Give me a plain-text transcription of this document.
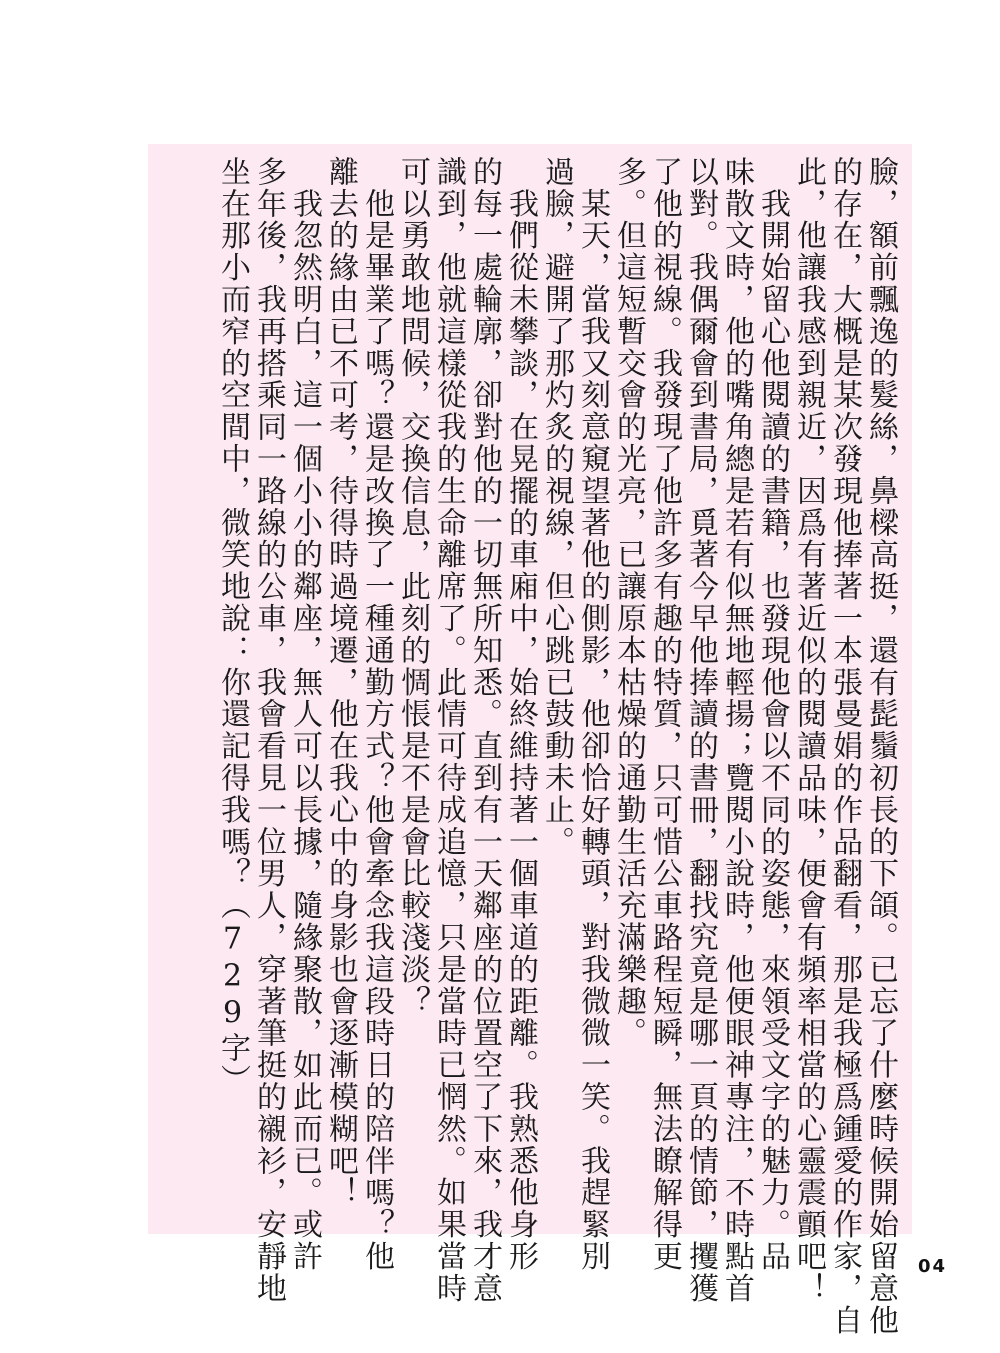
臉，額前飄逸的髮絲，鼻樑高挺，還有髭鬚初長的下頜。已忘了什麼時候開始留意他
的存在，大概是某次發現他捧著一本張曼娟的作品翻看，那是我極爲鍾愛的作家，自
此，他讓我感到親近，因爲有著近似的閱讀品味，便會有頻率相當的心靈震顫吧！
　我開始留心他閱讀的書籍，也發現他會以不同的姿態，來領受文字的魅力。品
味散文時，他的嘴角總是若有似無地輕揚；覽閱小說時，他便眼神專注，不時點首
以對。我偶爾會到書局，覓著今早他捧讀的書冊，翻找究竟是哪一頁的情節，攫獲
了他的視線。我發現了他許多有趣的特質，只可惜公車路程短瞬，無法瞭解得更
多。但這短暫交會的光亮，已讓原本枯燥的通勤生活充滿樂趣。
　某天，當我又刻意窺望著他的側影，他卻恰好轉頭，對我微微一笑。我趕緊別
過臉，避開了那灼炙的視線，但心跳已鼓動未止。
　我們從未攀談，在晃擺的車廂中，始終維持著一個車道的距離。我熟悉他身形
的每一處輪廓，卻對他的一切無所知悉。直到有一天鄰座的位置空了下來，我才意
識到，他就這樣從我的生命離席了。此情可待成追憶，只是當時已惘然。如果當時
可以勇敢地問候，交換信息，此刻的惆悵是不是會比較淺淡？
　他是畢業了嗎？還是改換了一種通勤方式？他會牽念我這段時日的陪伴嗎？他
離去的緣由已不可考，待得時過境遷，他在我心中的身影也會逐漸模糊吧！
　我忽然明白，這一個小小的鄰座，無人可以長據，隨緣聚散，如此而已。或許
多年後，我再搭乘同一路線的公車，我會看見一位男人，穿著筆挺的襯衫，安靜地
坐在那小而窄的空間中，微笑地說：你還記得我嗎？（729字）
04
